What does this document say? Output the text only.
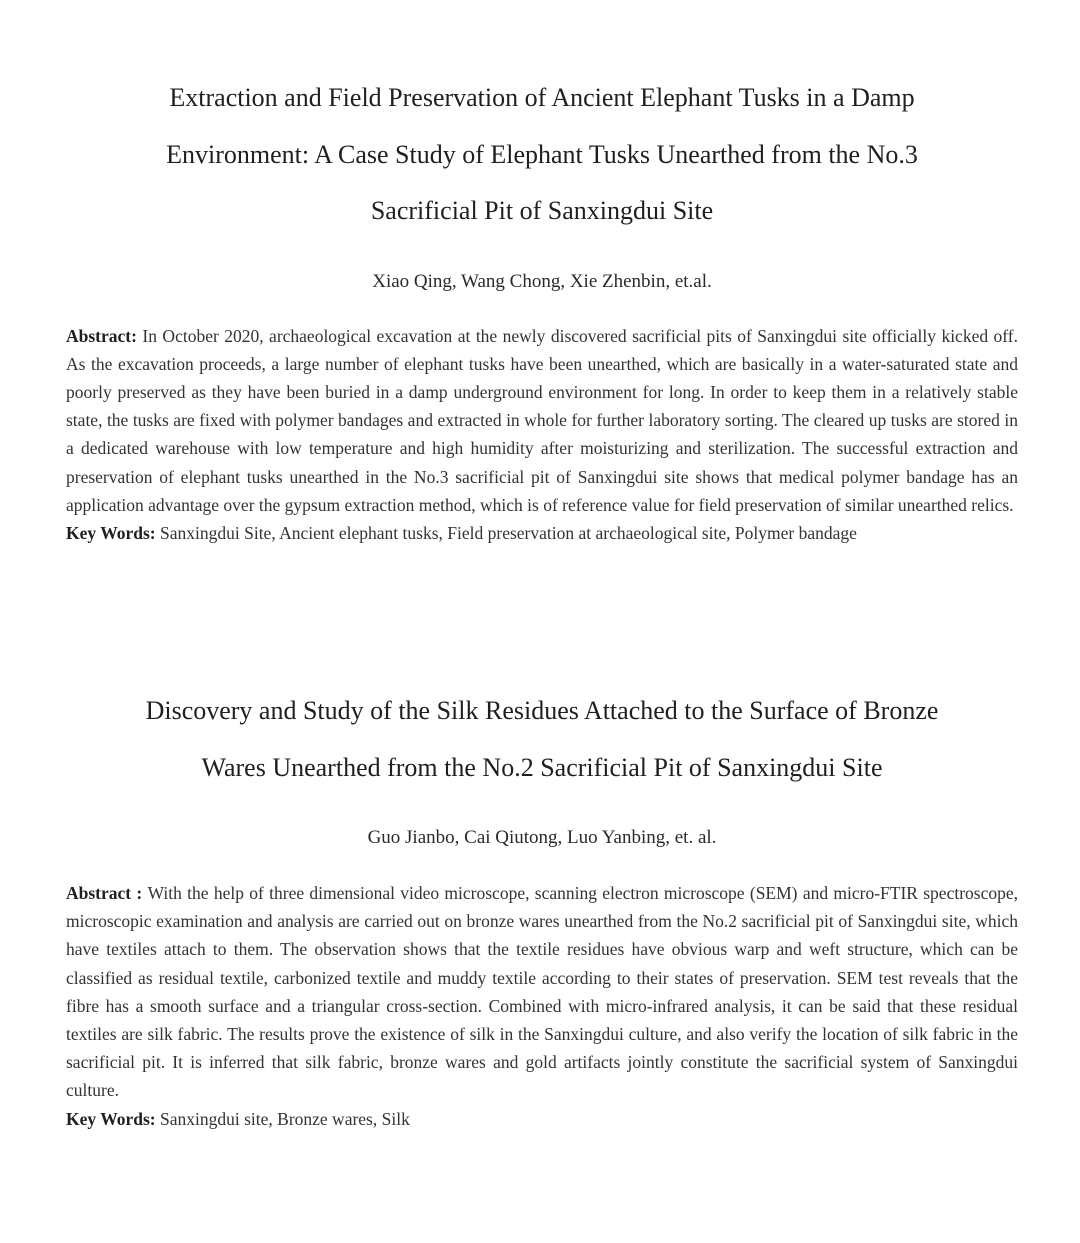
Extraction and Field Preservation of Ancient Elephant Tusks in a Damp
Environment: A Case Study of Elephant Tusks Unearthed from the No.3
Sacrificial Pit of Sanxingdui Site

Xiao Qing, Wang Chong, Xie Zhenbin, et.al.

Abstract: In October 2020, archaeological excavation at the newly discovered sacrificial pits of Sanxingdui site officially kicked off. As the excavation proceeds, a large number of elephant tusks have been unearthed, which are basically in a water-saturated state and poorly preserved as they have been buried in a damp underground environment for long. In order to keep them in a relatively stable state, the tusks are fixed with polymer bandages and extracted in whole for further laboratory sorting. The cleared up tusks are stored in a dedicated warehouse with low temperature and high humidity after moisturizing and sterilization. The successful extraction and preservation of elephant tusks unearthed in the No.3 sacrificial pit of Sanxingdui site shows that medical polymer bandage has an application advantage over the gypsum extraction method, which is of reference value for field preservation of similar unearthed relics.

Key Words: Sanxingdui Site, Ancient elephant tusks, Field preservation at archaeological site, Polymer bandage

Discovery and Study of the Silk Residues Attached to the Surface of Bronze
Wares Unearthed from the No.2 Sacrificial Pit of Sanxingdui Site

Guo Jianbo, Cai Qiutong, Luo Yanbing, et. al.

Abstract : With the help of three dimensional video microscope, scanning electron microscope (SEM) and micro-FTIR spectroscope, microscopic examination and analysis are carried out on bronze wares unearthed from the No.2 sacrificial pit of Sanxingdui site, which have textiles attach to them. The observation shows that the textile residues have obvious warp and weft structure, which can be classified as residual textile, carbonized textile and muddy textile according to their states of preservation. SEM test reveals that the fibre has a smooth surface and a triangular cross-section. Combined with micro-infrared analysis, it can be said that these residual textiles are silk fabric. The results prove the existence of silk in the Sanxingdui culture, and also verify the location of silk fabric in the sacrificial pit. It is inferred that silk fabric, bronze wares and gold artifacts jointly constitute the sacrificial system of Sanxingdui culture.

Key Words: Sanxingdui site, Bronze wares, Silk
